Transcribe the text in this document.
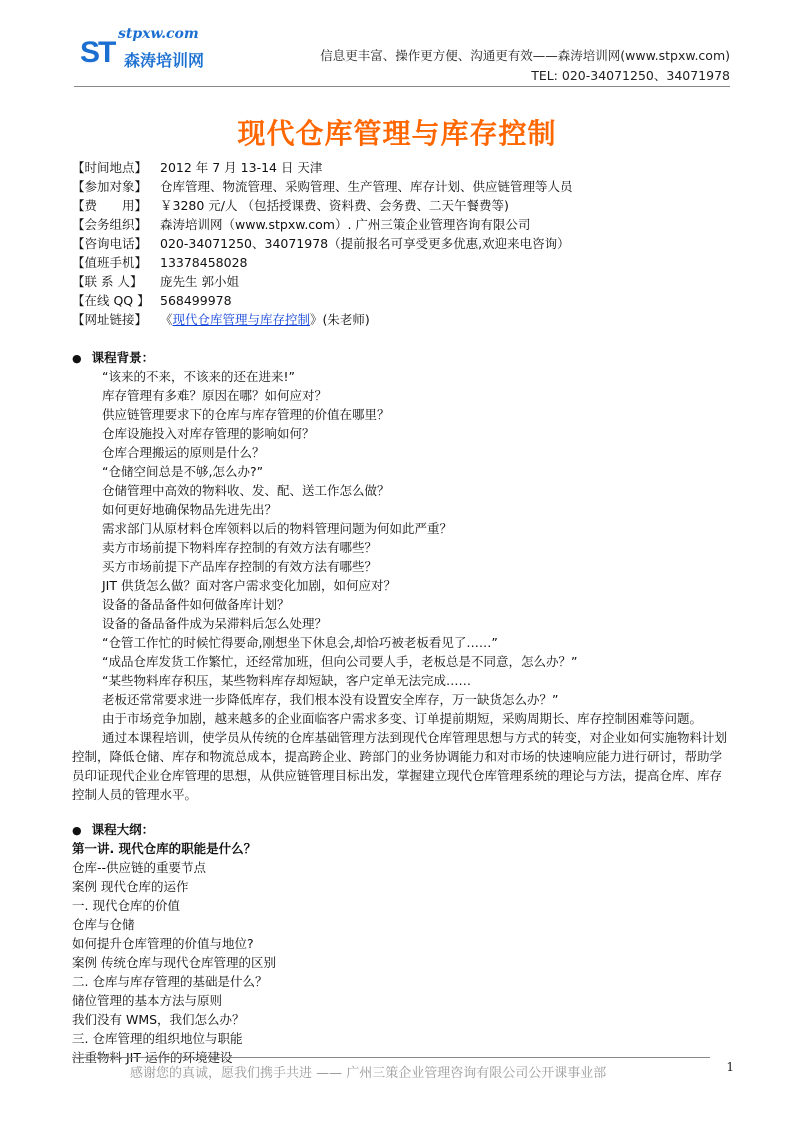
stpxw.com
ST 森涛培训网	信息更丰富、操作更方便、沟通更有效——森涛培训网(www.stpxw.com)
TEL: 020-34071250、34071978
现代仓库管理与库存控制
【时间地点】 2012 年 7 月 13-14 日 天津
【参加对象】 仓库管理、物流管理、采购管理、生产管理、库存计划、供应链管理等人员
【费　　用】 ￥3280 元/人 （包括授课费、资料费、会务费、二天午餐费等)
【会务组织】 森涛培训网（www.stpxw.com）. 广州三策企业管理咨询有限公司
【咨询电话】 020-34071250、34071978（提前报名可享受更多优惠,欢迎来电咨询）
【值班手机】 13378458028
【联 系 人】 庞先生 郭小姐
【在线 QQ 】 568499978
【网址链接】 《现代仓库管理与库存控制》(朱老师)
● 课程背景：
“该来的不来，不该来的还在进来!”
库存管理有多难？原因在哪？如何应对？
供应链管理要求下的仓库与库存管理的价值在哪里？
仓库设施投入对库存管理的影响如何？
仓库合理搬运的原则是什么？
“仓储空间总是不够,怎么办?”
仓储管理中高效的物料收、发、配、送工作怎么做？
如何更好地确保物品先进先出？
需求部门从原材料仓库领料以后的物料管理问题为何如此严重？
卖方市场前提下物料库存控制的有效方法有哪些？
买方市场前提下产品库存控制的有效方法有哪些？
JIT 供货怎么做？面对客户需求变化加剧，如何应对？
设备的备品备件如何做备库计划？
设备的备品备件成为呆滞料后怎么处理？
“仓管工作忙的时候忙得要命,刚想坐下休息会,却恰巧被老板看见了……”
“成品仓库发货工作繁忙，还经常加班，但向公司要人手，老板总是不同意，怎么办？”
“某些物料库存积压，某些物料库存却短缺，客户定单无法完成……
老板还常常要求进一步降低库存，我们根本没有设置安全库存，万一缺货怎么办？”
由于市场竞争加剧，越来越多的企业面临客户需求多变、订单提前期短，采购周期长、库存控制困难等问题。
通过本课程培训，使学员从传统的仓库基础管理方法到现代仓库管理思想与方式的转变，对企业如何实施物料计划控制，降低仓储、库存和物流总成本，提高跨企业、跨部门的业务协调能力和对市场的快速响应能力进行研讨，帮助学员印证现代企业仓库管理的思想，从供应链管理目标出发，掌握建立现代仓库管理系统的理论与方法，提高仓库、库存控制人员的管理水平。
● 课程大纲：
第一讲. 现代仓库的职能是什么？
仓库--供应链的重要节点
案例 现代仓库的运作
一. 现代仓库的价值
仓库与仓储
如何提升仓库管理的价值与地位?
案例 传统仓库与现代仓库管理的区别
二. 仓库与库存管理的基础是什么？
储位管理的基本方法与原则
我们没有 WMS，我们怎么办？
三. 仓库管理的组织地位与职能
注重物料 JIT 运作的环境建设
感谢您的真诚，愿我们携手共进 —— 广州三策企业管理咨询有限公司公开课事业部	1
